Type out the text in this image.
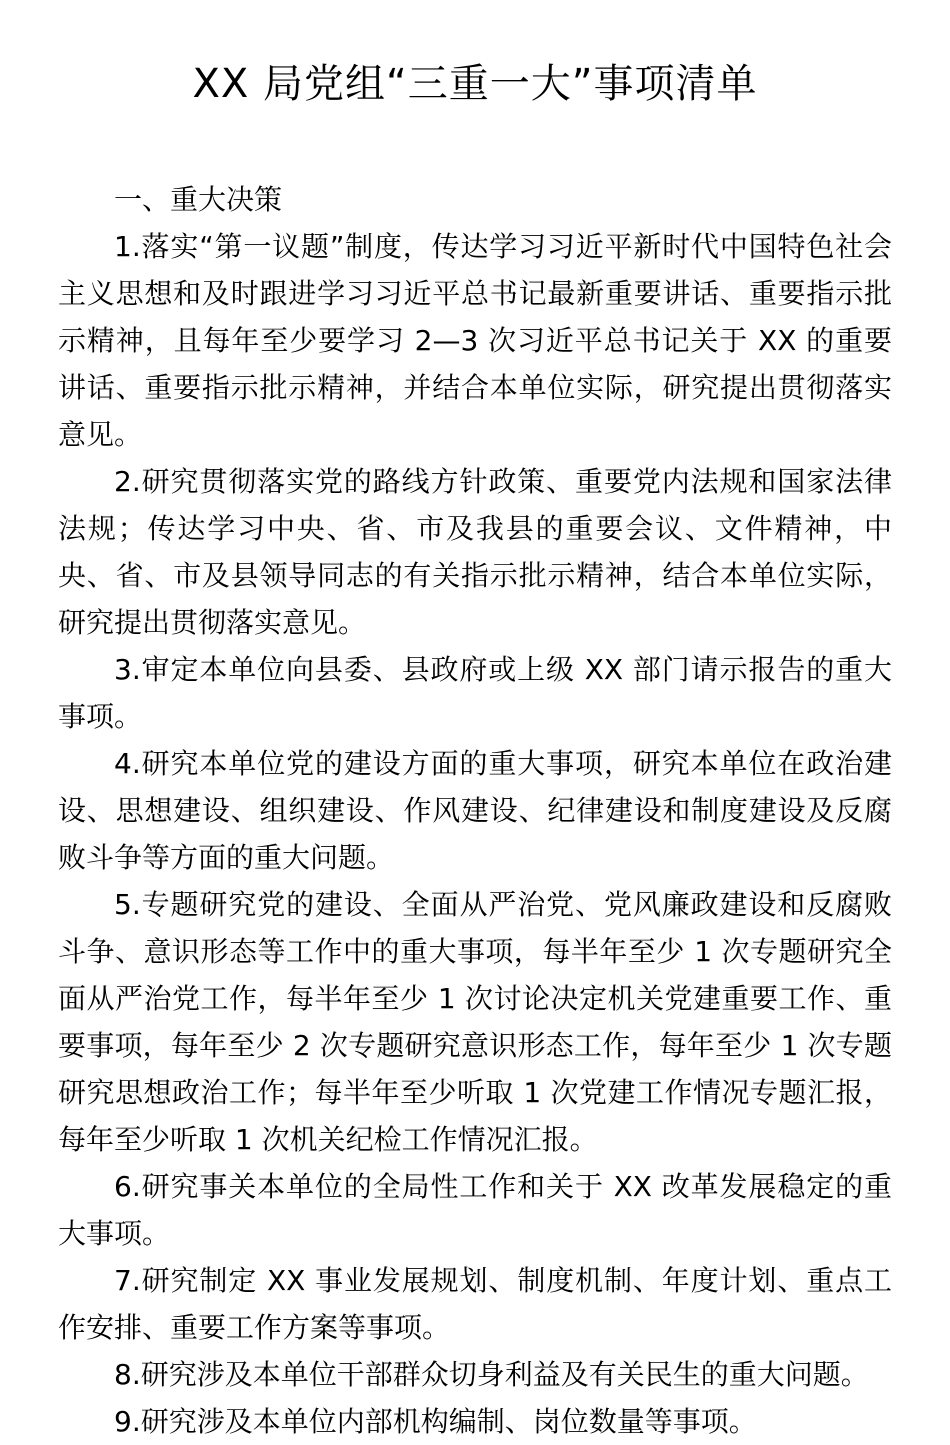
XX 局党组“三重一大”事项清单
一、重大决策

1.落实“第一议题”制度，传达学习习近平新时代中国特色社会主义思想和及时跟进学习习近平总书记最新重要讲话、重要指示批示精神，且每年至少要学习 2—3 次习近平总书记关于 XX 的重要讲话、重要指示批示精神，并结合本单位实际，研究提出贯彻落实意见。

2.研究贯彻落实党的路线方针政策、重要党内法规和国家法律法规；传达学习中央、省、市及我县的重要会议、文件精神，中央、省、市及县领导同志的有关指示批示精神，结合本单位实际，研究提出贯彻落实意见。

3.审定本单位向县委、县政府或上级 XX 部门请示报告的重大事项。

4.研究本单位党的建设方面的重大事项，研究本单位在政治建设、思想建设、组织建设、作风建设、纪律建设和制度建设及反腐败斗争等方面的重大问题。

5.专题研究党的建设、全面从严治党、党风廉政建设和反腐败斗争、意识形态等工作中的重大事项，每半年至少 1 次专题研究全面从严治党工作，每半年至少 1 次讨论决定机关党建重要工作、重要事项，每年至少 2 次专题研究意识形态工作，每年至少 1 次专题研究思想政治工作；每半年至少听取 1 次党建工作情况专题汇报，每年至少听取 1 次机关纪检工作情况汇报。

6.研究事关本单位的全局性工作和关于 XX 改革发展稳定的重大事项。

7.研究制定 XX 事业发展规划、制度机制、年度计划、重点工作安排、重要工作方案等事项。

8.研究涉及本单位干部群众切身利益及有关民生的重大问题。

9.研究涉及本单位内部机构编制、岗位数量等事项。
